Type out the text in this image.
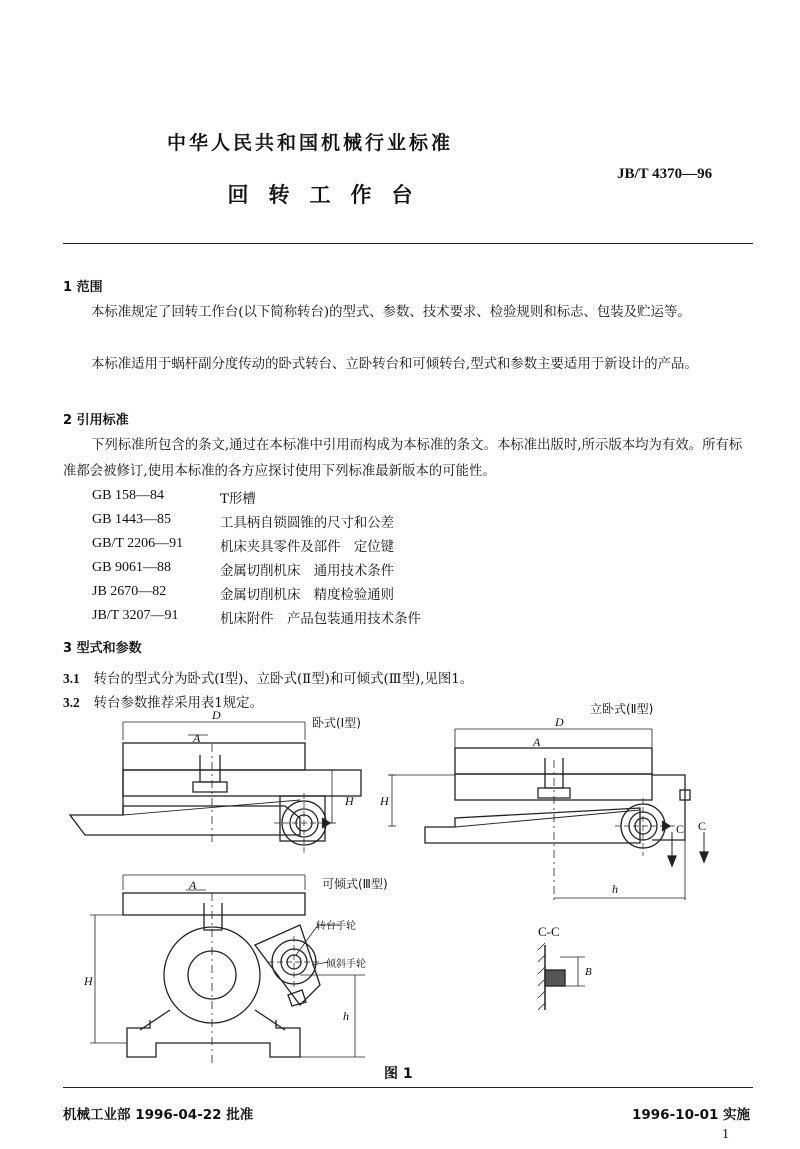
中华人民共和国机械行业标准
JB/T 4370—96
回转工作台
1 范围
本标准规定了回转工作台(以下简称转台)的型式、参数、技术要求、检验规则和标志、包装及贮运等。
本标准适用于蜗杆副分度传动的卧式转台、立卧转台和可倾转台,型式和参数主要适用于新设计的产品。
2 引用标准
下列标准所包含的条文,通过在本标准中引用而构成为本标准的条文。本标准出版时,所示版本均为有效。所有标准都会被修订,使用本标准的各方应探讨使用下列标准最新版本的可能性。
GB 158—84	T形槽
GB 1443—85	工具柄自锁圆锥的尺寸和公差
GB/T 2206—91	机床夹具零件及部件　定位键
GB 9061—88	金属切削机床　通用技术条件
JB 2670—82	金属切削机床　精度检验通则
JB/T 3207—91	机床附件　产品包装通用技术条件
3 型式和参数
3.1 转台的型式分为卧式(Ⅰ型)、立卧式(Ⅱ型)和可倾式(Ⅲ型),见图1。
3.2 转台参数推荐采用表1规定。
D
A
H
D
A
H
h
C C
A
H
h
B
C-C
卧式(Ⅰ型)
立卧式(Ⅱ型)
可倾式(Ⅲ型)
转台手轮
倾斜手轮
图 1
机械工业部 1996-04-22 批准	1996-10-01 实施
1
